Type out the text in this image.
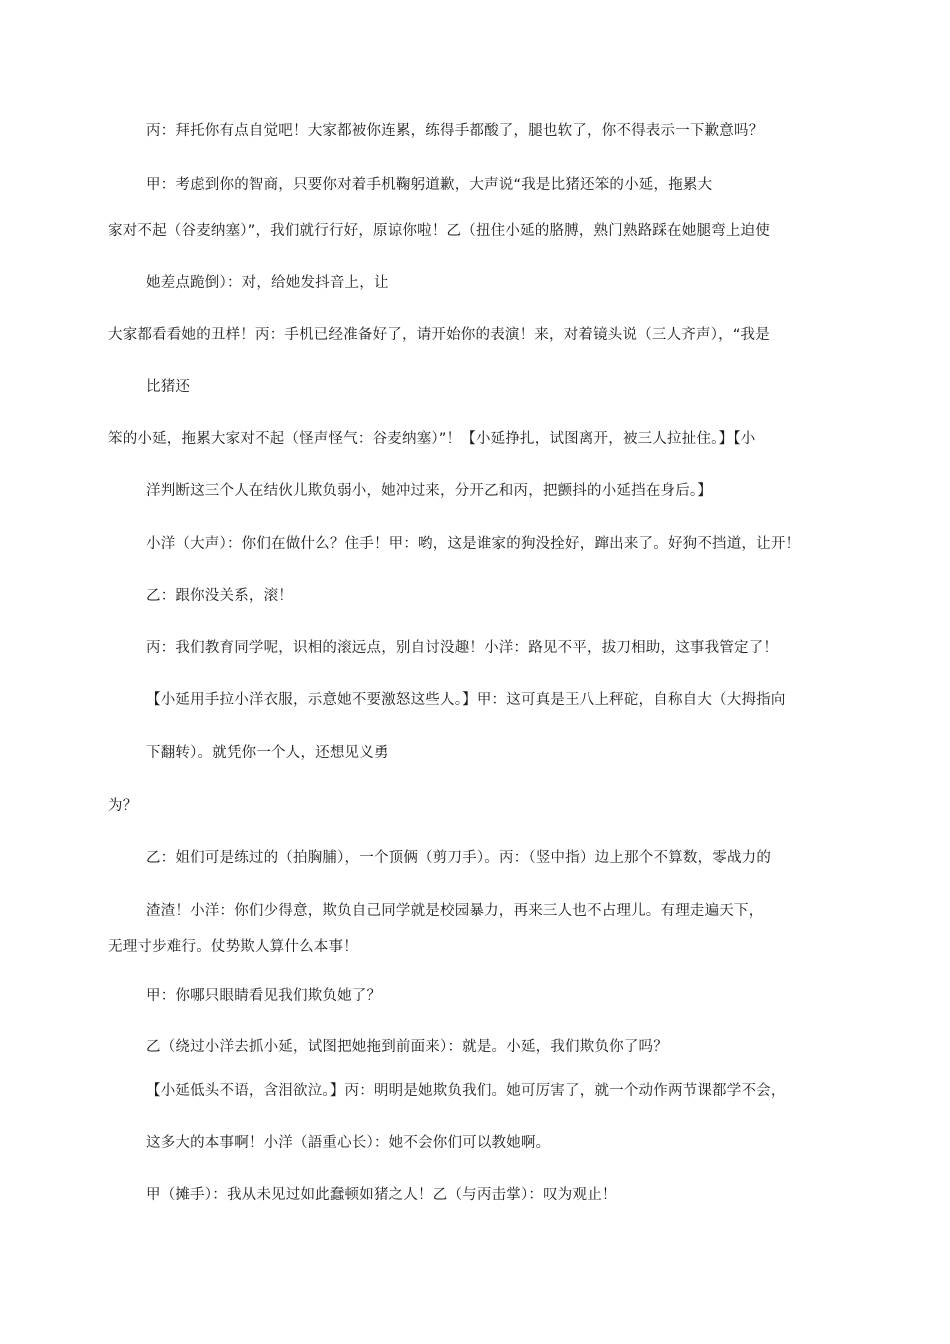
丙：拜托你有点自觉吧！大家都被你连累，练得手都酸了，腿也软了，你不得表示一下歉意吗？
甲：考虑到你的智商，只要你对着手机鞠躬道歉，大声说“我是比猪还笨的小延，拖累大
家对不起（谷麦纳塞）”，我们就行行好，原谅你啦！乙（扭住小延的胳膊，熟门熟路踩在她腿弯上迫使
她差点跪倒）：对，给她发抖音上，让
大家都看看她的丑样！丙：手机已经准备好了，请开始你的表演！来，对着镜头说（三人齐声），“我是
比猪还
笨的小延，拖累大家对不起（怪声怪气：谷麦纳塞）”！【小延挣扎，试图离开，被三人拉扯住。】【小
洋判断这三个人在结伙儿欺负弱小，她冲过来，分开乙和丙，把颤抖的小延挡在身后。】
小洋（大声）：你们在做什么？住手！甲：哟，这是谁家的狗没拴好，蹿出来了。好狗不挡道，让开！
乙：跟你没关系，滚！
丙：我们教育同学呢，识相的滚远点，别自讨没趣！小洋：路见不平，拔刀相助，这事我管定了！
【小延用手拉小洋衣服，示意她不要激怒这些人。】甲：这可真是王八上秤砣，自称自大（大拇指向
下翻转）。就凭你一个人，还想见义勇
为？
乙：姐们可是练过的（拍胸脯），一个顶俩（剪刀手）。丙：（竖中指）边上那个不算数，零战力的
渣渣！小洋：你们少得意，欺负自己同学就是校园暴力，再来三人也不占理儿。有理走遍天下，
无理寸步难行。仗势欺人算什么本事！
甲：你哪只眼睛看见我们欺负她了？
乙（绕过小洋去抓小延，试图把她拖到前面来）：就是。小延，我们欺负你了吗？
【小延低头不语，含泪欲泣。】丙：明明是她欺负我们。她可厉害了，就一个动作两节课都学不会，
这多大的本事啊！小洋（語重心长）：她不会你们可以教她啊。
甲（摊手）：我从未见过如此蠢顿如猪之人！乙（与丙击掌）：叹为观止！
